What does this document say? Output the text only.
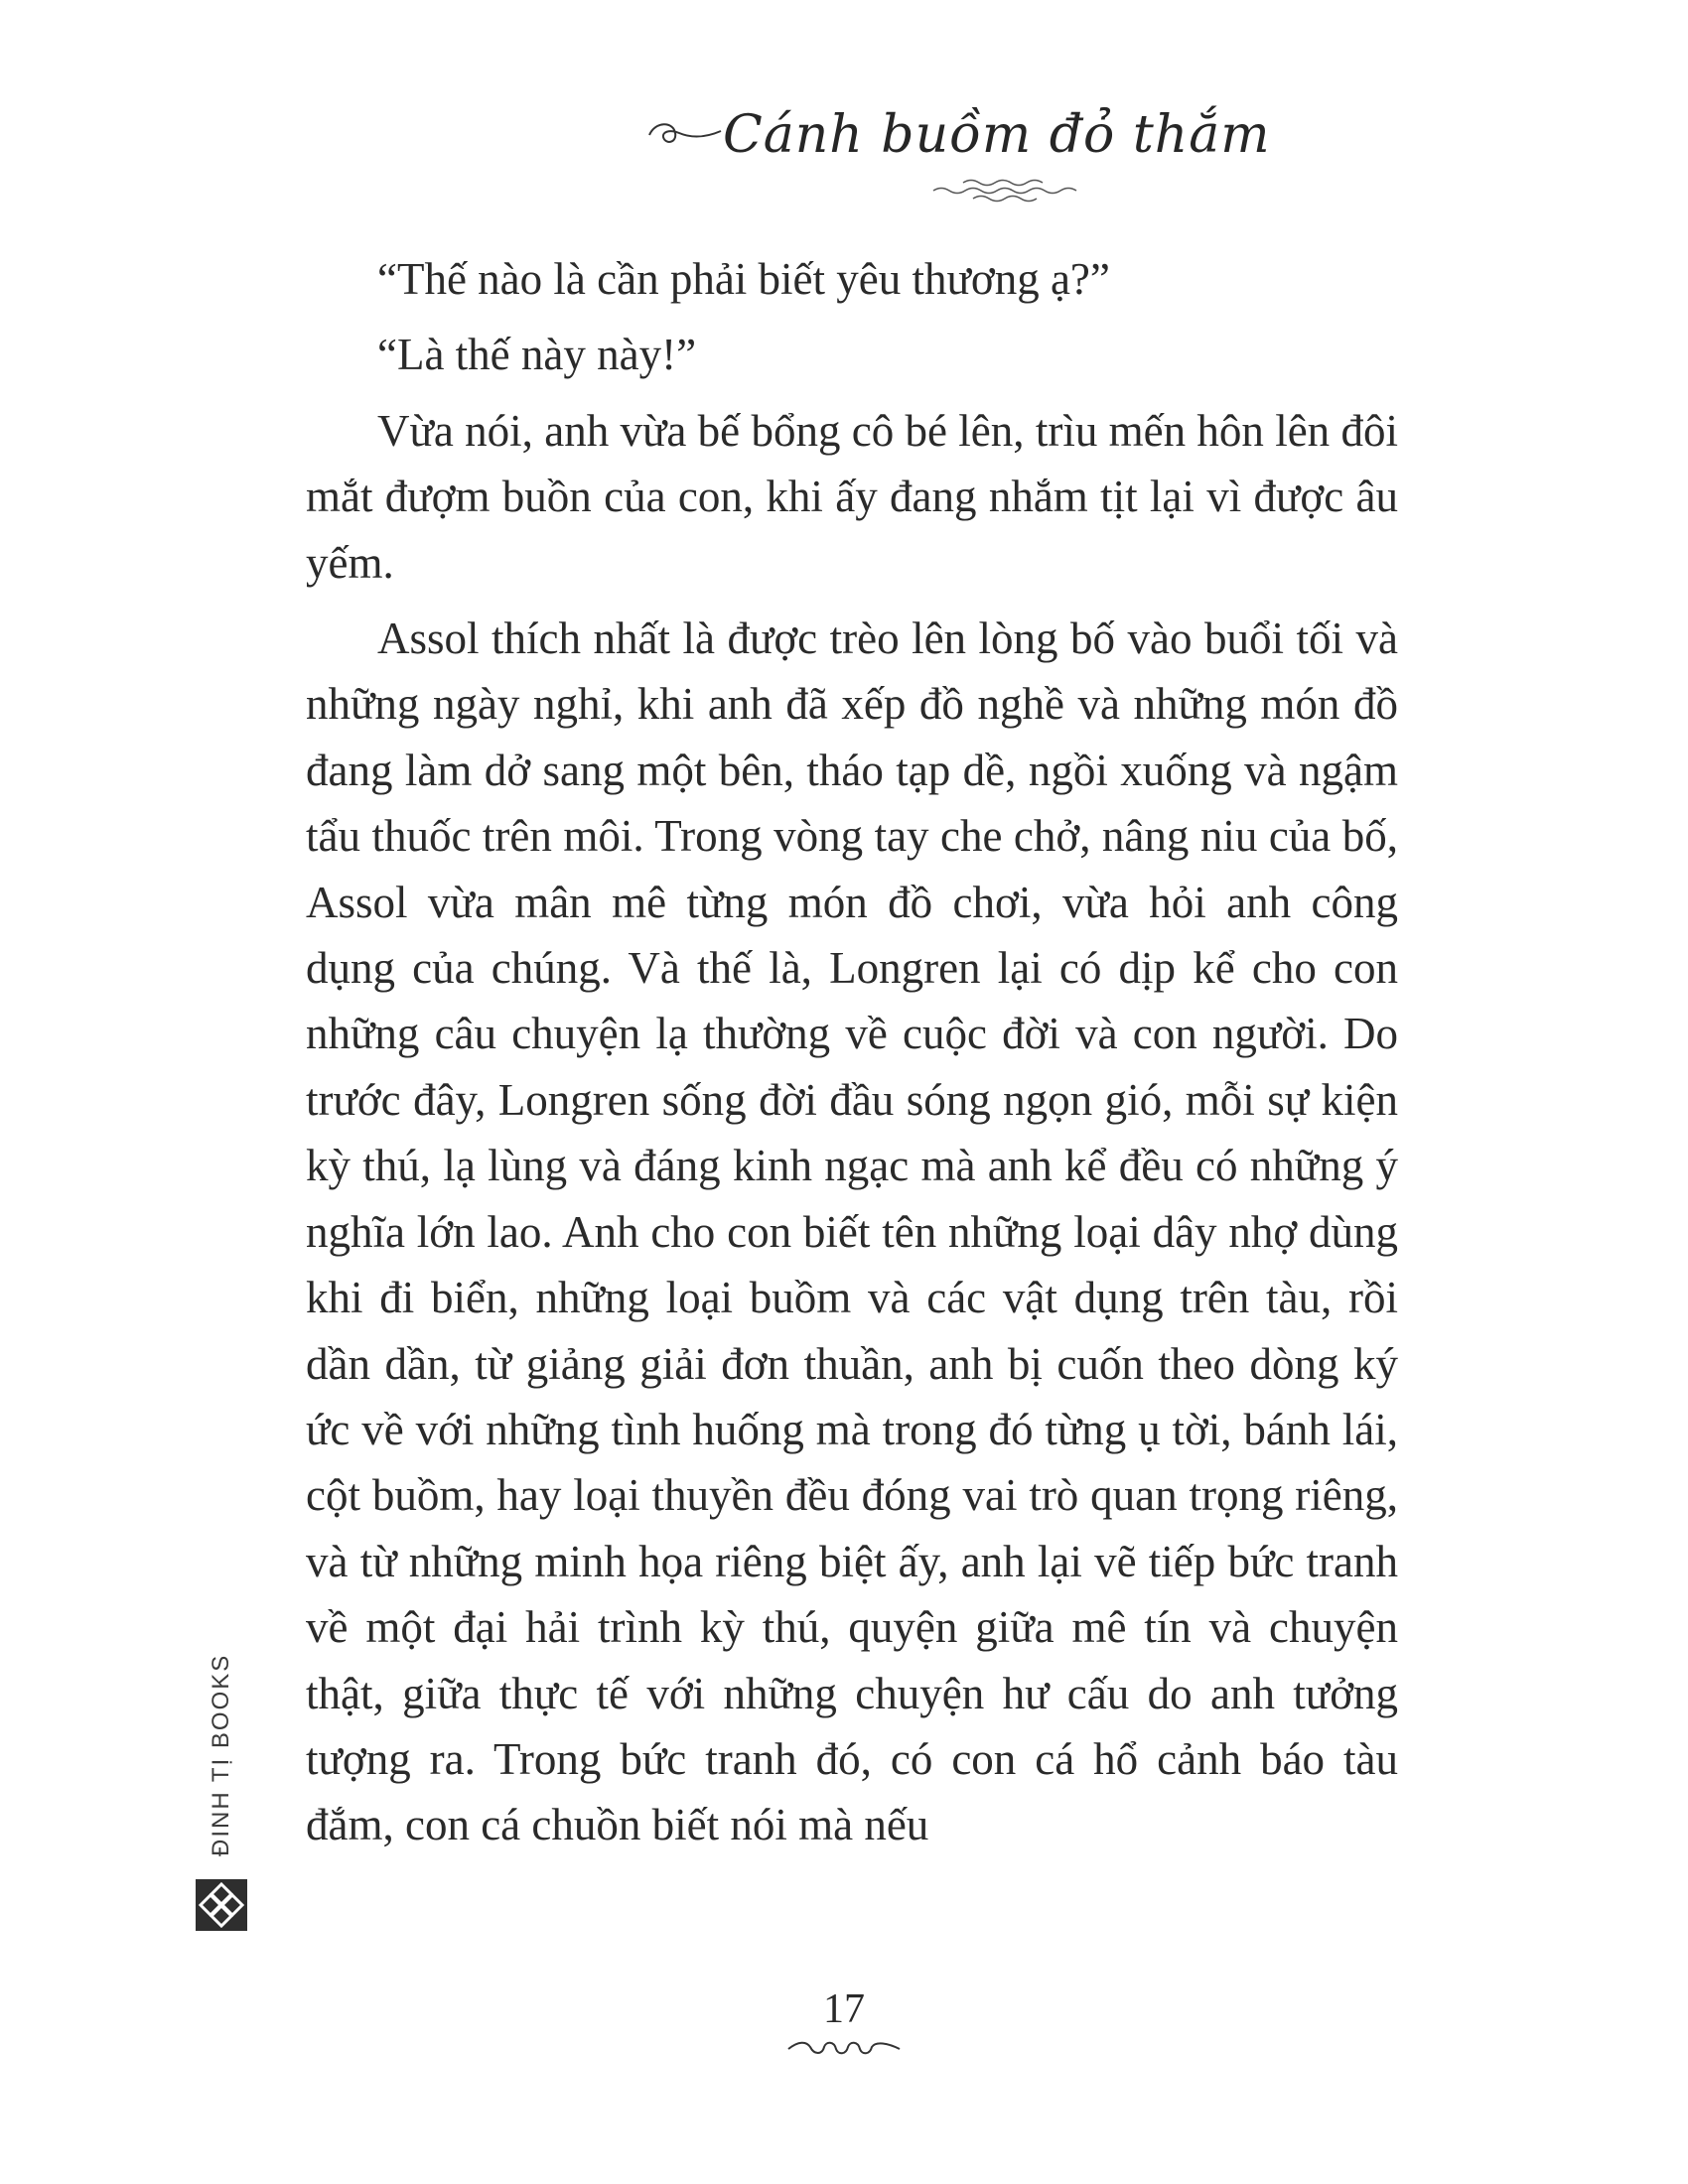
Cánh buồm đỏ thắm

“Thế nào là cần phải biết yêu thương ạ?”

“Là thế này này!”

Vừa nói, anh vừa bế bổng cô bé lên, trìu mến hôn lên đôi mắt đượm buồn của con, khi ấy đang nhắm tịt lại vì được âu yếm.

Assol thích nhất là được trèo lên lòng bố vào buổi tối và những ngày nghỉ, khi anh đã xếp đồ nghề và những món đồ đang làm dở sang một bên, tháo tạp dề, ngồi xuống và ngậm tẩu thuốc trên môi. Trong vòng tay che chở, nâng niu của bố, Assol vừa mân mê từng món đồ chơi, vừa hỏi anh công dụng của chúng. Và thế là, Longren lại có dịp kể cho con những câu chuyện lạ thường về cuộc đời và con người. Do trước đây, Longren sống đời đầu sóng ngọn gió, mỗi sự kiện kỳ thú, lạ lùng và đáng kinh ngạc mà anh kể đều có những ý nghĩa lớn lao. Anh cho con biết tên những loại dây nhợ dùng khi đi biển, những loại buồm và các vật dụng trên tàu, rồi dần dần, từ giảng giải đơn thuần, anh bị cuốn theo dòng ký ức về với những tình huống mà trong đó từng ụ tời, bánh lái, cột buồm, hay loại thuyền đều đóng vai trò quan trọng riêng, và từ những minh họa riêng biệt ấy, anh lại vẽ tiếp bức tranh về một đại hải trình kỳ thú, quyện giữa mê tín và chuyện thật, giữa thực tế với những chuyện hư cấu do anh tưởng tượng ra. Trong bức tranh đó, có con cá hổ cảnh báo tàu đắm, con cá chuồn biết nói mà nếu

ĐINH TỊ BOOKS
17
